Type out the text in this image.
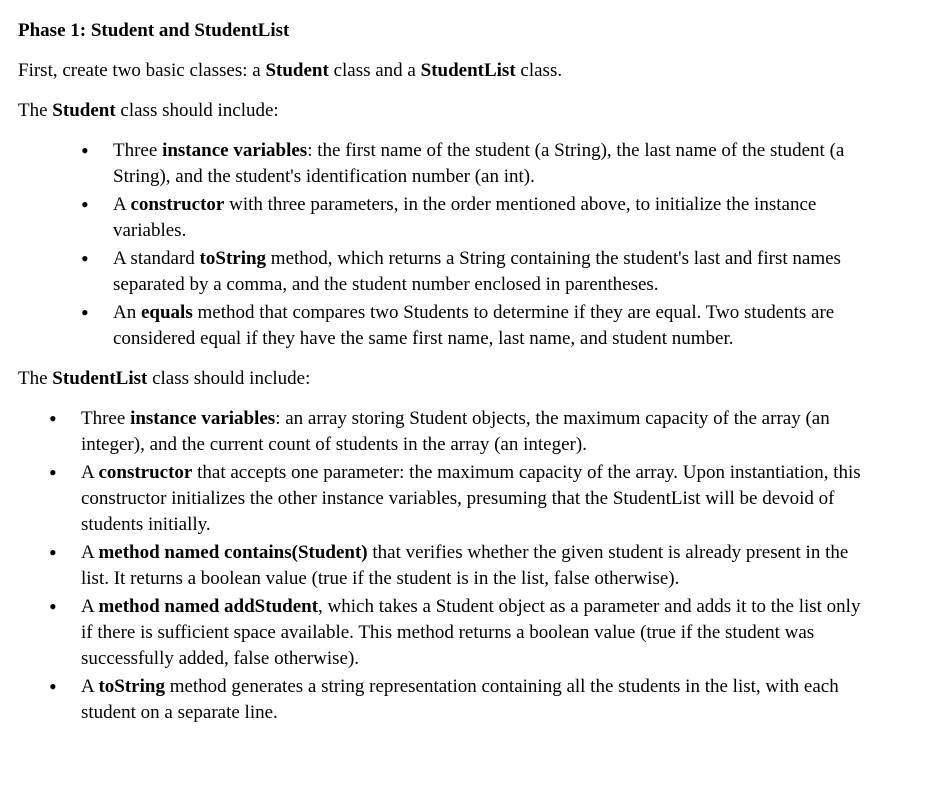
Phase 1: Student and StudentList
First, create two basic classes: a Student class and a StudentList class.
The Student class should include:
• Three instance variables: the first name of the student (a String), the last name of the student (a String), and the student's identification number (an int).
• A constructor with three parameters, in the order mentioned above, to initialize the instance variables.
• A standard toString method, which returns a String containing the student's last and first names separated by a comma, and the student number enclosed in parentheses.
• An equals method that compares two Students to determine if they are equal. Two students are considered equal if they have the same first name, last name, and student number.
The StudentList class should include:
• Three instance variables: an array storing Student objects, the maximum capacity of the array (an integer), and the current count of students in the array (an integer).
• A constructor that accepts one parameter: the maximum capacity of the array. Upon instantiation, this constructor initializes the other instance variables, presuming that the StudentList will be devoid of students initially.
• A method named contains(Student) that verifies whether the given student is already present in the list. It returns a boolean value (true if the student is in the list, false otherwise).
• A method named addStudent, which takes a Student object as a parameter and adds it to the list only if there is sufficient space available. This method returns a boolean value (true if the student was successfully added, false otherwise).
• A toString method generates a string representation containing all the students in the list, with each student on a separate line.
